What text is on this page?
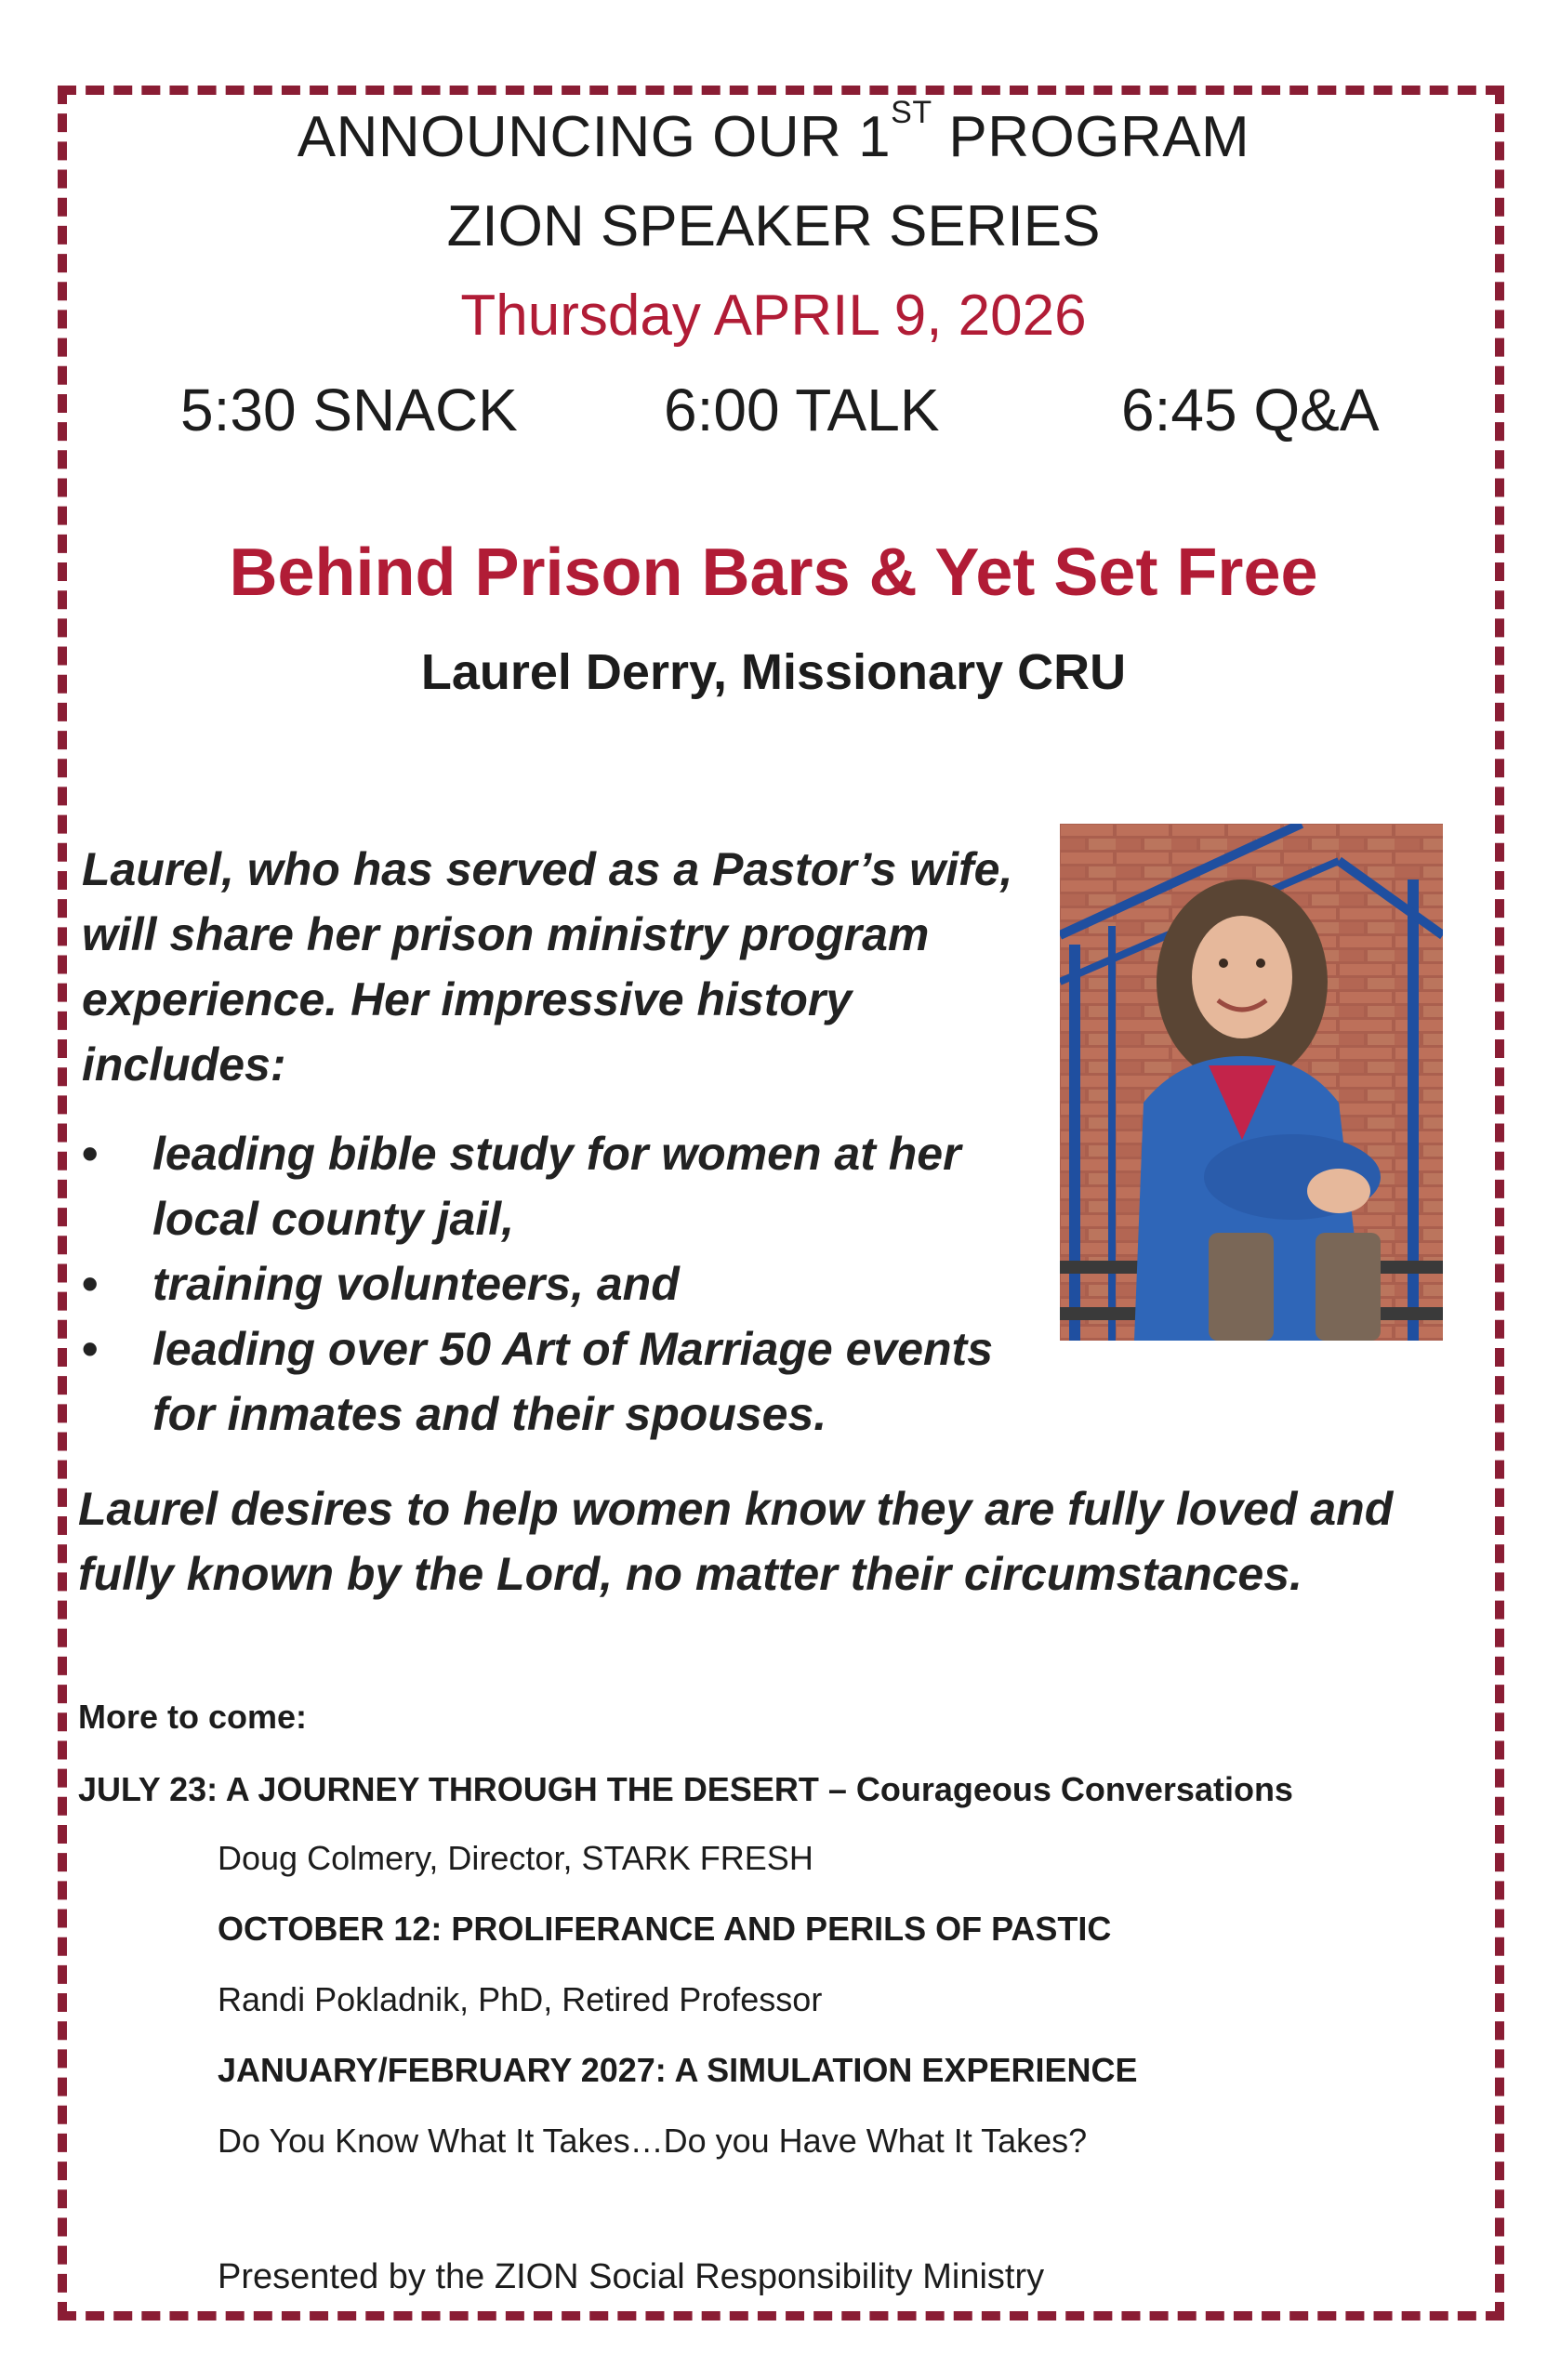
ANNOUNCING OUR 1ST PROGRAM
ZION SPEAKER SERIES
Thursday APRIL 9, 2026
5:30 SNACK 6:00 TALK	6:45 Q&A
Behind Prison Bars & Yet Set Free
Laurel Derry, Missionary CRU
Laurel, who has served as a Pastor’s wife,
will share her prison ministry program
experience. Her impressive history
includes:
• leading bible study for women at her
local county jail,
• training volunteers, and
• leading over 50 Art of Marriage events
for inmates and their spouses.
Laurel desires to help women know they are fully loved and
fully known by the Lord, no matter their circumstances.
More to come:
JULY 23: A JOURNEY THROUGH THE DESERT – Courageous Conversations
Doug Colmery, Director, STARK FRESH
OCTOBER 12: PROLIFERANCE AND PERILS OF PASTIC
Randi Pokladnik, PhD, Retired Professor
JANUARY/FEBRUARY 2027: A SIMULATION EXPERIENCE
Do You Know What It Takes…Do you Have What It Takes?
Presented by the ZION Social Responsibility Ministry
